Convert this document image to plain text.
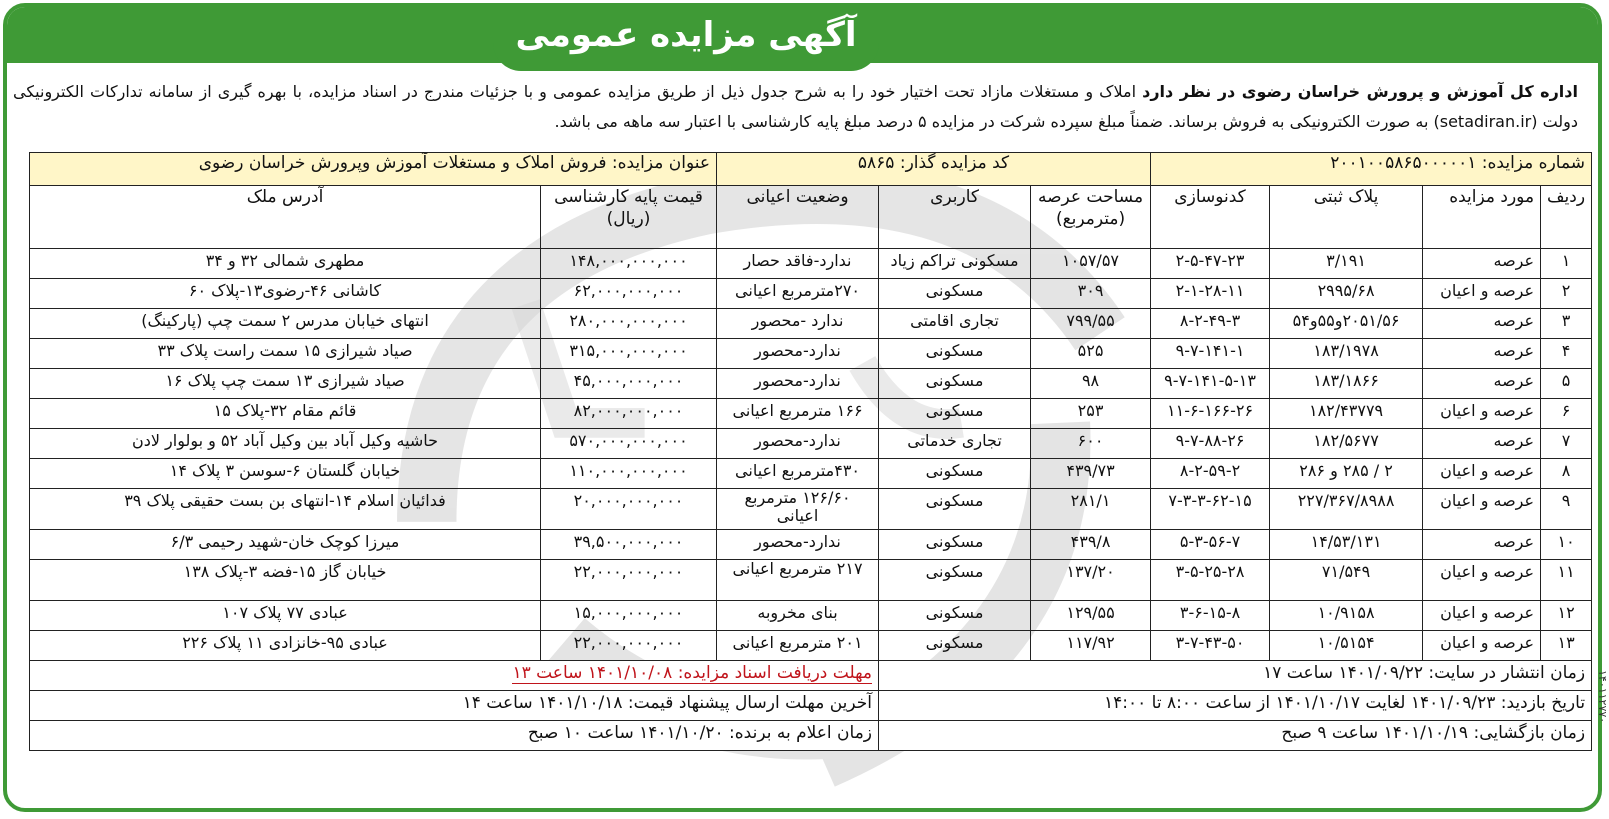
آگهی مزایده عمومی
اداره کل آموزش و پرورش خراسان رضوی در نظر دارد املاک و مستغلات مازاد تحت اختیار خود را به شرح جدول ذیل از طریق مزایده عمومی و با جزئیات مندرج در اسناد مزایده، با بهره گیری از سامانه تدارکات الکترونیکی دولت (setadiran.ir) به صورت الکترونیکی به فروش برساند. ضمناً مبلغ سپرده شرکت در مزایده ۵ درصد مبلغ پایه کارشناسی با اعتبار سه ماهه می باشد.
شماره مزایده: ۲۰۰۱۰۰۵۸۶۵۰۰۰۰۰۱				کد مزایده گذار: ۵۸۶۵			عنوان مزایده: فروش املاک و مستغلات آموزش وپرورش خراسان رضوی	
ردیف	مورد مزایده	پلاک ثبتی	کدنوسازی	مساحت عرصه (مترمربع)	کاربری	وضعیت اعیانی	قیمت پایه کارشناسی (ریال)	آدرس ملک
۱	عرصه	۳/۱۹۱	۲-۵-۴۷-۲۳	۱۰۵۷/۵۷	مسکونی تراکم زیاد	ندارد-فاقد حصار	۱۴۸,۰۰۰,۰۰۰,۰۰۰	مطهری شمالی ۳۲ و ۳۴
۲	عرصه و اعیان	۲۹۹۵/۶۸	۲-۱-۲۸-۱۱	۳۰۹	مسکونی	۲۷۰مترمربع اعیانی	۶۲,۰۰۰,۰۰۰,۰۰۰	کاشانی ۴۶-رضوی۱۳-پلاک ۶۰
۳	عرصه	۲۰۵۱/۵۶و۵۵و۵۴	۸-۲-۴۹-۳	۷۹۹/۵۵	تجاری اقامتی	ندارد -محصور	۲۸۰,۰۰۰,۰۰۰,۰۰۰	انتهای خیابان مدرس ۲ سمت چپ (پارکینگ)
۴	عرصه	۱۸۳/۱۹۷۸	۹-۷-۱۴۱-۱	۵۲۵	مسکونی	ندارد-محصور	۳۱۵,۰۰۰,۰۰۰,۰۰۰	صیاد شیرازی ۱۵ سمت راست پلاک ۳۳
۵	عرصه	۱۸۳/۱۸۶۶	۹-۷-۱۴۱-۵-۱۳	۹۸	مسکونی	ندارد-محصور	۴۵,۰۰۰,۰۰۰,۰۰۰	صیاد شیرازی ۱۳ سمت چپ پلاک ۱۶
۶	عرصه و اعیان	۱۸۲/۴۳۷۷۹	۱۱-۶-۱۶۶-۲۶	۲۵۳	مسکونی	۱۶۶ مترمربع اعیانی	۸۲,۰۰۰,۰۰۰,۰۰۰	قائم مقام ۳۲-پلاک ۱۵
۷	عرصه	۱۸۲/۵۶۷۷	۹-۷-۸۸-۲۶	۶۰۰	تجاری خدماتی	ندارد-محصور	۵۷۰,۰۰۰,۰۰۰,۰۰۰	حاشیه وکیل آباد بین وکیل آباد ۵۲ و بولوار لادن
۸	عرصه و اعیان	۲ / ۲۸۵ و ۲۸۶	۸-۲-۵۹-۲	۴۳۹/۷۳	مسکونی	۴۳۰مترمربع اعیانی	۱۱۰,۰۰۰,۰۰۰,۰۰۰	خیابان گلستان ۶-سوسن ۳ پلاک ۱۴
۹	عرصه و اعیان	۲۲۷/۳۶۷/۸۹۸۸	۷-۳-۳-۶۲-۱۵	۲۸۱/۱	مسکونی	۱۲۶/۶۰ مترمربع اعیانی	۲۰,۰۰۰,۰۰۰,۰۰۰	فدائیان اسلام ۱۴-انتهای بن بست حقیقی پلاک ۳۹
۱۰	عرصه	۱۴/۵۳/۱۳۱	۵-۳-۵۶-۷	۴۳۹/۸	مسکونی	ندارد-محصور	۳۹,۵۰۰,۰۰۰,۰۰۰	میرزا کوچک خان-شهید رحیمی ۶/۳
۱۱	عرصه و اعیان	۷۱/۵۴۹	۳-۵-۲۵-۲۸	۱۳۷/۲۰	مسکونی	۲۱۷ مترمربع اعیانی	۲۲,۰۰۰,۰۰۰,۰۰۰	خیابان گاز ۱۵-فضه ۳-پلاک ۱۳۸
۱۲	عرصه و اعیان	۱۰/۹۱۵۸	۳-۶-۱۵-۸	۱۲۹/۵۵	مسکونی	بنای مخروبه	۱۵,۰۰۰,۰۰۰,۰۰۰	عبادی ۷۷ پلاک ۱۰۷
۱۳	عرصه و اعیان	۱۰/۵۱۵۴	۳-۷-۴۳-۵۰	۱۱۷/۹۲	مسکونی	۲۰۱ مترمربع اعیانی	۲۲,۰۰۰,۰۰۰,۰۰۰	عبادی ۹۵-خانزادی ۱۱ پلاک ۲۲۶
زمان انتشار در سایت: ۱۴۰۱/۰۹/۲۲ ساعت ۱۷						مهلت دریافت اسناد مزایده: ۱۴۰۱/۱۰/۰۸ ساعت ۱۳		
تاریخ بازدید: ۱۴۰۱/۰۹/۲۳ لغایت ۱۴۰۱/۱۰/۱۷ از ساعت ۸:۰۰ تا ۱۴:۰۰						آخرین مهلت ارسال پیشنهاد قیمت: ۱۴۰۱/۱۰/۱۸ ساعت ۱۴		
زمان بازگشایی: ۱۴۰۱/۱۰/۱۹ ساعت ۹ صبح						زمان اعلام به برنده: ۱۴۰۱/۱۰/۲۰ ساعت ۱۰ صبح		
۱۴۰۱۱۲۷۷۰
